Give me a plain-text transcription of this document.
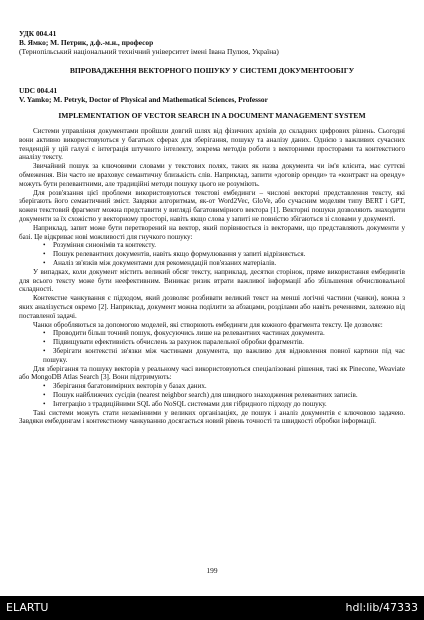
УДК 004.41
В. Ямко; М. Петрик, д.ф.-м.н., професор
(Тернопільський національний технічний університет імені Івана Пулюя, Україна)
ВПРОВАДЖЕННЯ ВЕКТОРНОГО ПОШУКУ У СИСТЕМІ ДОКУМЕНТООБІГУ
UDC 004.41
V. Yamko; M. Petryk, Doctor of Physical and Mathematical Sciences, Professor
IMPLEMENTATION OF VECTOR SEARCH IN A DOCUMENT MANAGEMENT SYSTEM

Системи управління документами пройшли довгий шлях від фізичних архівів до складних цифрових рішень. Сьогодні вони активно використовуються у багатьох сферах для зберігання, пошуку та аналізу даних. Однією з важливих сучасних тенденцій у цій галузі є інтеграція штучного інтелекту, зокрема методів роботи з векторними просторами та контекстного аналізу тексту.

Звичайний пошук за ключовими словами у текстових полях, таких як назва документа чи ім'я клієнта, має суттєві обмеження. Він часто не враховує семантичну близькість слів. Наприклад, запити «договір оренди» та «контракт на оренду» можуть бути релевантними, але традиційні методи пошуку цього не розуміють.

Для розв'язання цієї проблеми використовуються текстові ембединги – числові векторні представлення тексту, які зберігають його семантичний зміст. Завдяки алгоритмам, як-от Word2Vec, GloVe, або сучасним моделям типу BERT і GPT, кожен текстовий фрагмент можна представити у вигляді багатовимірного вектора [1]. Векторні пошуки дозволяють знаходити документи за їх схожістю у векторному просторі, навіть якщо слова у запиті не повністю збігаються зі словами у документі.

Наприклад, запит може бути перетворений на вектор, який порівнюється із векторами, що представляють документи у базі. Це відкриває нові можливості для гнучкого пошуку:

• Розуміння синонімів та контексту.
• Пошук релевантних документів, навіть якщо формулювання у запиті відрізняється.
• Аналіз зв'язків між документами для рекомендацій пов'язаних матеріалів.

У випадках, коли документ містить великий обсяг тексту, наприклад, десятки сторінок, пряме використання ембедингів для всього тексту може бути неефективним. Виникає ризик втрати важливої інформації або збільшення обчислювальної складності.

Контекстне чанкування є підходом, який дозволяє розбивати великий текст на менші логічні частини (чанки), кожна з яких аналізується окремо [2]. Наприклад, документ можна поділити за абзацами, розділами або навіть реченнями, залежно від поставленої задачі.

Чанки обробляються за допомогою моделей, які створюють ембединги для кожного фрагмента тексту. Це дозволяє:

• Проводити більш точний пошук, фокусуючись лише на релевантних частинах документа.
• Підвищувати ефективність обчислень за рахунок паралельної обробки фрагментів.
• Зберігати контекстні зв'язки між частинами документа, що важливо для відновлення повної картини під час пошуку.

Для зберігання та пошуку векторів у реальному часі використовуються спеціалізовані рішення, такі як Pinecone, Weaviate або MongoDB Atlas Search [3]. Вони підтримують:

• Зберігання багатовимірних векторів у базах даних.
• Пошук найближчих сусідів (nearest neighbor search) для швидкого знаходження релевантних записів.
• Інтеграцію з традиційними SQL або NoSQL системами для гібридного підходу до пошуку.

Такі системи можуть стати незамінними у великих організаціях, де пошук і аналіз документів є ключовою задачею. Завдяки ембедингам і контекстному чанкуванню досягається новий рівень точності та швидкості обробки інформації.

199
ELARTU	hdl:lib/47333
